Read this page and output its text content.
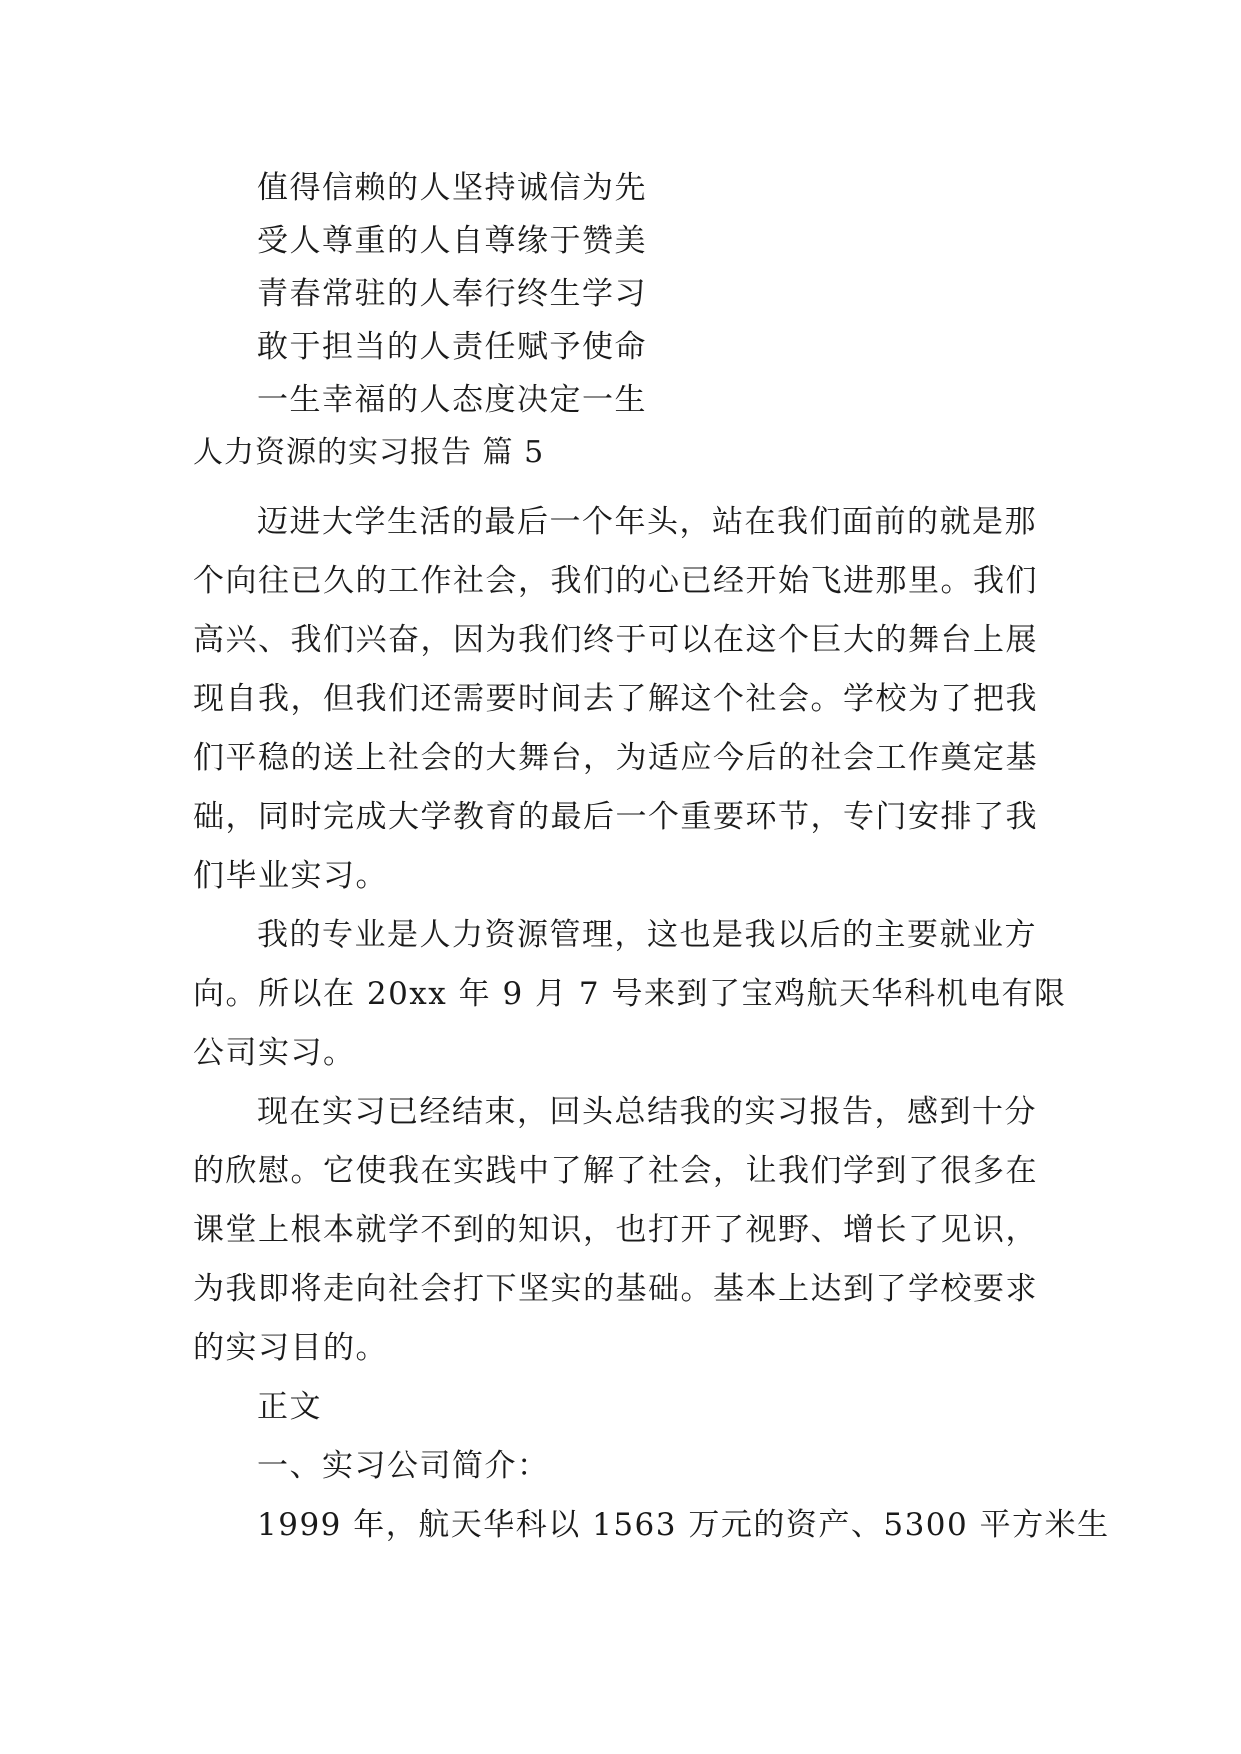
值得信赖的人坚持诚信为先
受人尊重的人自尊缘于赞美
青春常驻的人奉行终生学习
敢于担当的人责任赋予使命
一生幸福的人态度决定一生
人力资源的实习报告 篇 5
迈进大学生活的最后一个年头，站在我们面前的就是那
个向往已久的工作社会，我们的心已经开始飞进那里。我们
高兴、我们兴奋，因为我们终于可以在这个巨大的舞台上展
现自我，但我们还需要时间去了解这个社会。学校为了把我
们平稳的送上社会的大舞台，为适应今后的社会工作奠定基
础，同时完成大学教育的最后一个重要环节，专门安排了我
们毕业实习。
我的专业是人力资源管理，这也是我以后的主要就业方
向。所以在 20xx 年 9 月 7 号来到了宝鸡航天华科机电有限
公司实习。
现在实习已经结束，回头总结我的实习报告，感到十分
的欣慰。它使我在实践中了解了社会，让我们学到了很多在
课堂上根本就学不到的知识，也打开了视野、增长了见识，
为我即将走向社会打下坚实的基础。基本上达到了学校要求
的实习目的。
正文
一、实习公司简介：
1999 年，航天华科以 1563 万元的资产、5300 平方米生
